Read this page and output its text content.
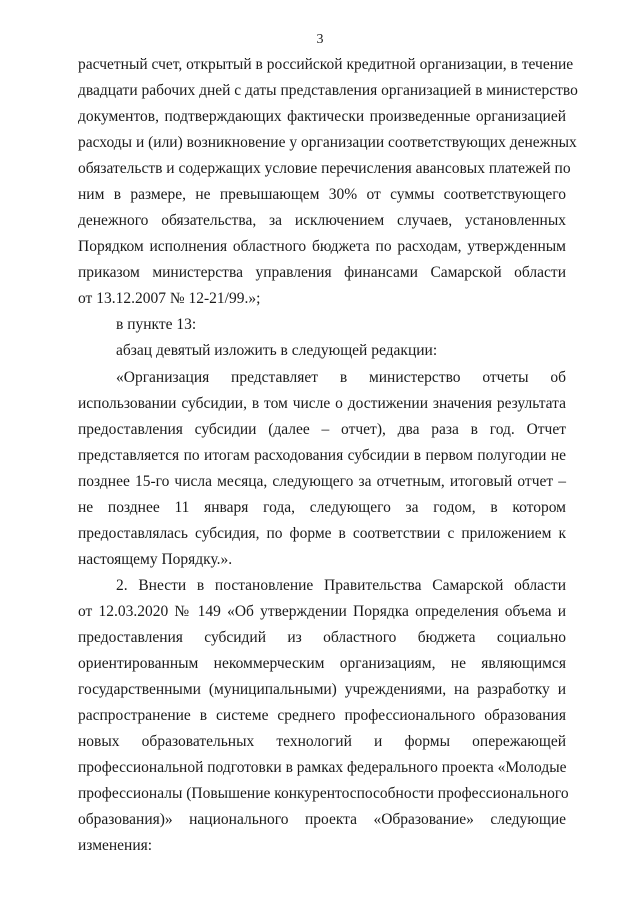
3
расчетный счет, открытый в российской кредитной организации, в течение
двадцати рабочих дней с даты представления организацией в министерство
документов, подтверждающих фактически произведенные организацией
расходы и (или) возникновение у организации соответствующих денежных
обязательств и содержащих условие перечисления авансовых платежей по
ним в размере, не превышающем 30% от суммы соответствующего
денежного обязательства, за исключением случаев, установленных
Порядком исполнения областного бюджета по расходам, утвержденным
приказом министерства управления финансами Самарской области
от 13.12.2007 № 12-21/99.»;
в пункте 13:
абзац девятый изложить в следующей редакции:
«Организация представляет в министерство отчеты об
использовании субсидии, в том числе о достижении значения результата
предоставления субсидии (далее – отчет), два раза в год. Отчет
представляется по итогам расходования субсидии в первом полугодии не
позднее 15-го числа месяца, следующего за отчетным, итоговый отчет –
не позднее 11 января года, следующего за годом, в котором
предоставлялась субсидия, по форме в соответствии с приложением к
настоящему Порядку.».
2. Внести в постановление Правительства Самарской области
от 12.03.2020 № 149 «Об утверждении Порядка определения объема и
предоставления субсидий из областного бюджета социально
ориентированным некоммерческим организациям, не являющимся
государственными (муниципальными) учреждениями, на разработку и
распространение в системе среднего профессионального образования
новых образовательных технологий и формы опережающей
профессиональной подготовки в рамках федерального проекта «Молодые
профессионалы (Повышение конкурентоспособности профессионального
образования)» национального проекта «Образование» следующие
изменения:
